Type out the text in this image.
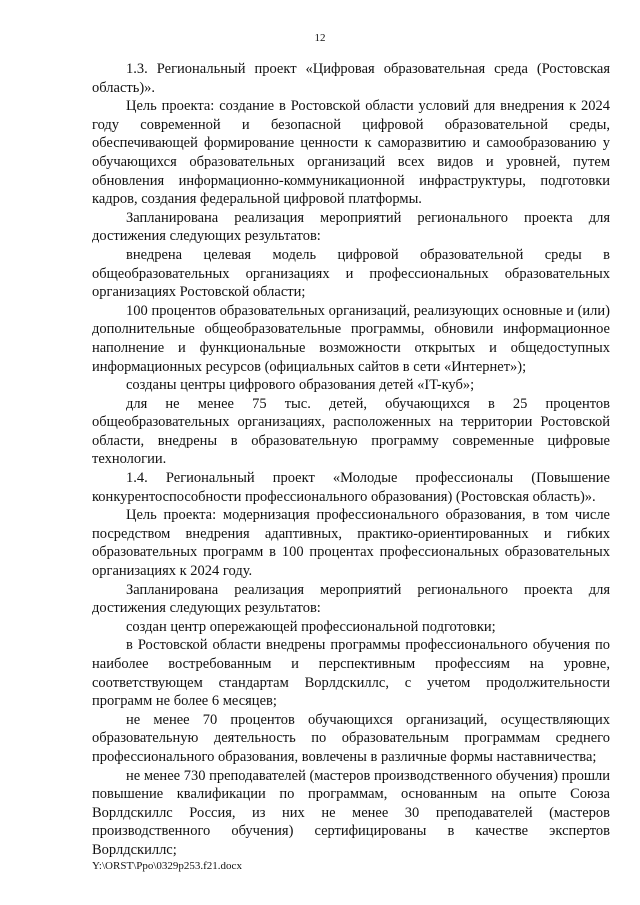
12

1.3. Региональный проект «Цифровая образовательная среда (Ростовская область)».

Цель проекта: создание в Ростовской области условий для внедрения к 2024 году современной и безопасной цифровой образовательной среды, обеспечивающей формирование ценности к саморазвитию и самообразованию у обучающихся образовательных организаций всех видов и уровней, путем обновления информационно-коммуникационной инфраструктуры, подготовки кадров, создания федеральной цифровой платформы.

Запланирована реализация мероприятий регионального проекта для достижения следующих результатов:

внедрена целевая модель цифровой образовательной среды в общеобразовательных организациях и профессиональных образовательных организациях Ростовской области;

100 процентов образовательных организаций, реализующих основные и (или) дополнительные общеобразовательные программы, обновили информационное наполнение и функциональные возможности открытых и общедоступных информационных ресурсов (официальных сайтов в сети «Интернет»);

созданы центры цифрового образования детей «IT-куб»;

для не менее 75 тыс. детей, обучающихся в 25 процентов общеобразовательных организациях, расположенных на территории Ростовской области, внедрены в образовательную программу современные цифровые технологии.

1.4. Региональный проект «Молодые профессионалы (Повышение конкурентоспособности профессионального образования) (Ростовская область)».

Цель проекта: модернизация профессионального образования, в том числе посредством внедрения адаптивных, практико-ориентированных и гибких образовательных программ в 100 процентах профессиональных образовательных организациях к 2024 году.

Запланирована реализация мероприятий регионального проекта для достижения следующих результатов:

создан центр опережающей профессиональной подготовки;

в Ростовской области внедрены программы профессионального обучения по наиболее востребованным и перспективным профессиям на уровне, соответствующем стандартам Ворлдскиллс, с учетом продолжительности программ не более 6 месяцев;

не менее 70 процентов обучающихся организаций, осуществляющих образовательную деятельность по образовательным программам среднего профессионального образования, вовлечены в различные формы наставничества;

не менее 730 преподавателей (мастеров производственного обучения) прошли повышение квалификации по программам, основанным на опыте Союза Ворлдскиллс Россия, из них не менее 30 преподавателей (мастеров производственного обучения) сертифицированы в качестве экспертов Ворлдскиллс;

Y:\ORST\Ppo\0329p253.f21.docx
